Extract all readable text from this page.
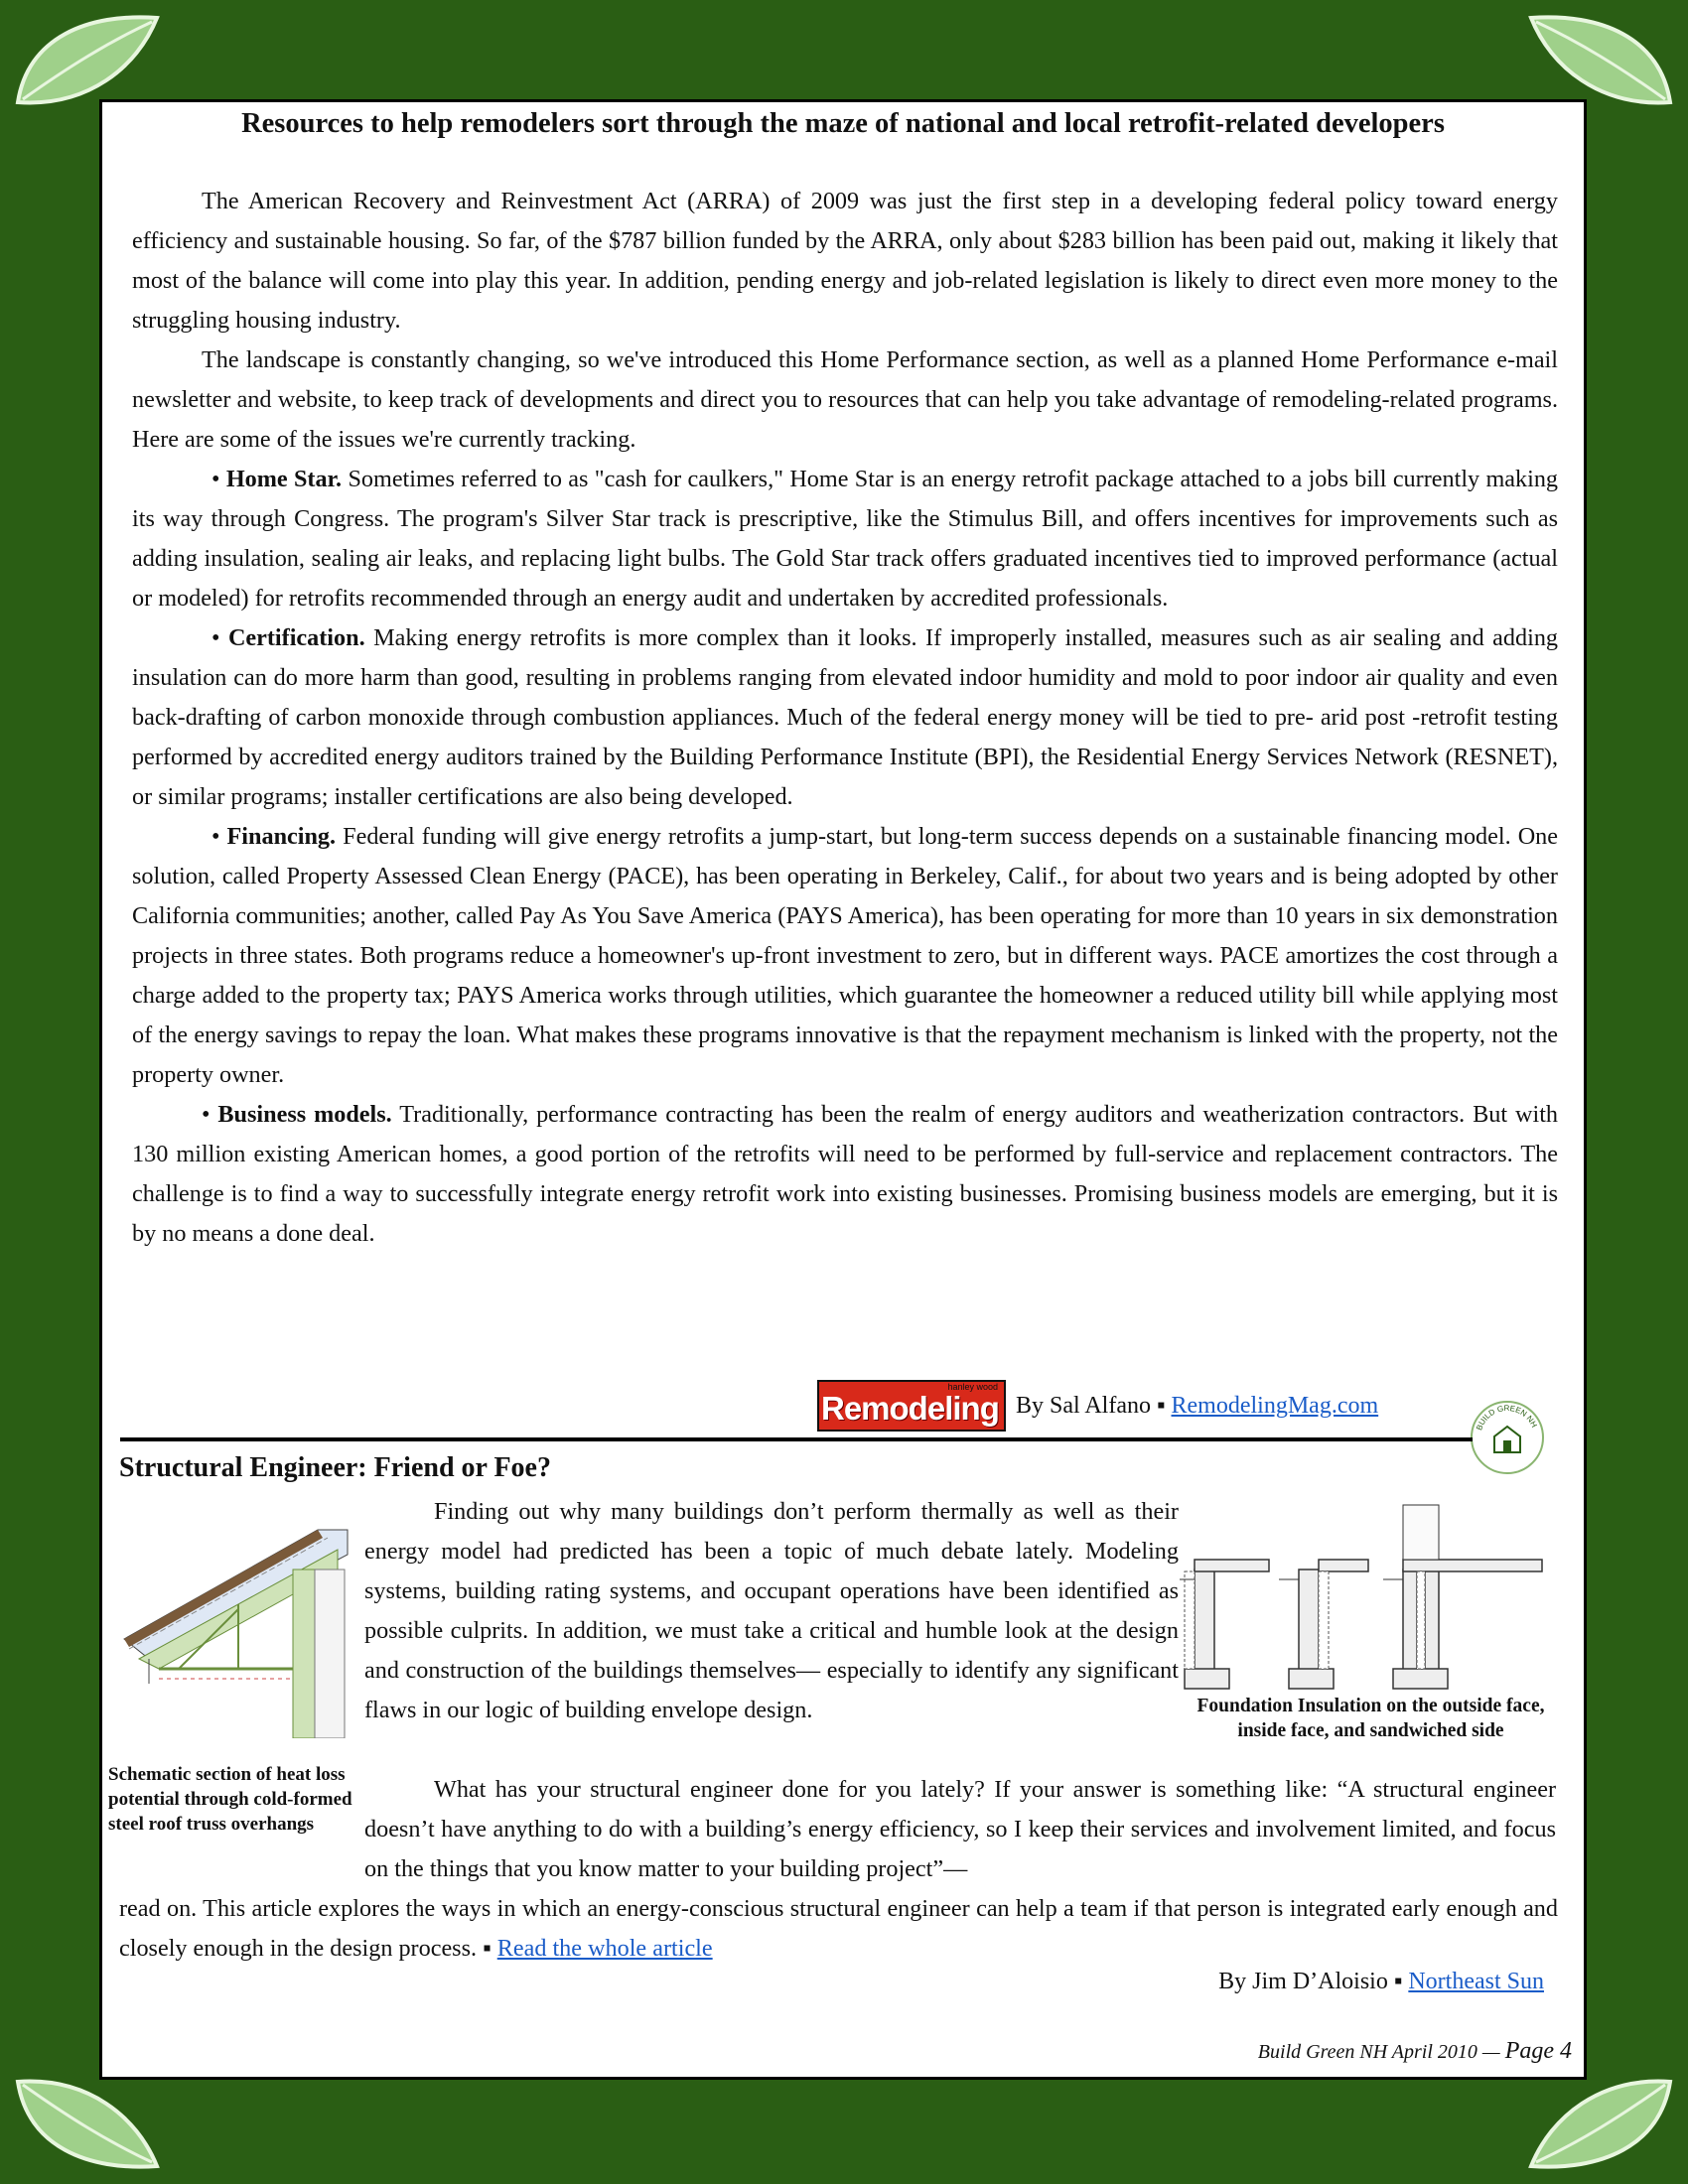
Resources to help remodelers sort through the maze of national and local retrofit-related developers

The American Recovery and Reinvestment Act (ARRA) of 2009 was just the first step in a developing federal policy toward energy efficiency and sustainable housing. So far, of the $787 billion funded by the ARRA, only about $283 billion has been paid out, making it likely that most of the balance will come into play this year. In addition, pending energy and job-related legislation is likely to direct even more money to the struggling housing industry.

The landscape is constantly changing, so we've introduced this Home Performance section, as well as a planned Home Performance e-mail newsletter and website, to keep track of developments and direct you to resources that can help you take advantage of remodeling-related programs. Here are some of the issues we're currently tracking.

• Home Star. Sometimes referred to as "cash for caulkers," Home Star is an energy retrofit package attached to a jobs bill currently making its way through Congress. The program's Silver Star track is prescriptive, like the Stimulus Bill, and offers incentives for improvements such as adding insulation, sealing air leaks, and replacing light bulbs. The Gold Star track offers graduated incentives tied to improved performance (actual or modeled) for retrofits recommended through an energy audit and undertaken by accredited professionals.

• Certification. Making energy retrofits is more complex than it looks. If improperly installed, measures such as air sealing and adding insulation can do more harm than good, resulting in problems ranging from elevated indoor humidity and mold to poor indoor air quality and even back-drafting of carbon monoxide through combustion appliances. Much of the federal energy money will be tied to pre- arid post -retrofit testing performed by accredited energy auditors trained by the Building Performance Institute (BPI), the Residential Energy Services Network (RESNET), or similar programs; installer certifications are also being developed.

• Financing. Federal funding will give energy retrofits a jump-start, but long-term success depends on a sustainable financing model. One solution, called Property Assessed Clean Energy (PACE), has been operating in Berkeley, Calif., for about two years and is being adopted by other California communities; another, called Pay As You Save America (PAYS America), has been operating for more than 10 years in six demonstration projects in three states. Both programs reduce a homeowner's up-front investment to zero, but in different ways. PACE amortizes the cost through a charge added to the property tax; PAYS America works through utilities, which guarantee the homeowner a reduced utility bill while applying most of the energy savings to repay the loan. What makes these programs innovative is that the repayment mechanism is linked with the property, not the property owner.

• Business models. Traditionally, performance contracting has been the realm of energy auditors and weatherization contractors. But with 130 million existing American homes, a good portion of the retrofits will need to be performed by full-service and replacement contractors. The challenge is to find a way to successfully integrate energy retrofit work into existing businesses. Promising business models are emerging, but it is by no means a done deal.

hanley wood
Remodeling By Sal Alfano ▪
RemodelingMag.com
BUILD GREEN NH
Structural Engineer: Friend or Foe?
Schematic section of heat loss potential through cold-formed steel roof truss overhangs

Finding out why many buildings don’t perform thermally as well as their energy model had predicted has been a topic of much debate lately. Modeling systems, building rating systems, and occupant operations have been identified as possible culprits. In addition, we must take a critical and humble look at the design and construction of the buildings themselves— especially to identify any significant flaws in our logic of building envelope design.	Foundation Insulation on the outside face, inside face, and sandwiched side

What has your structural engineer done for you lately? If your answer is something like: “A structural engineer doesn’t have anything to do with a building’s energy efficiency, so I keep their services and involvement limited, and focus on the things that you know matter to your building project”—

read on. This article explores the ways in which an energy-conscious structural engineer can help a team if that person is integrated early enough and closely enough in the design process. ▪ Read the whole article

By Jim D’Aloisio ▪ Northeast Sun
Build Green NH April 2010 — Page 4
